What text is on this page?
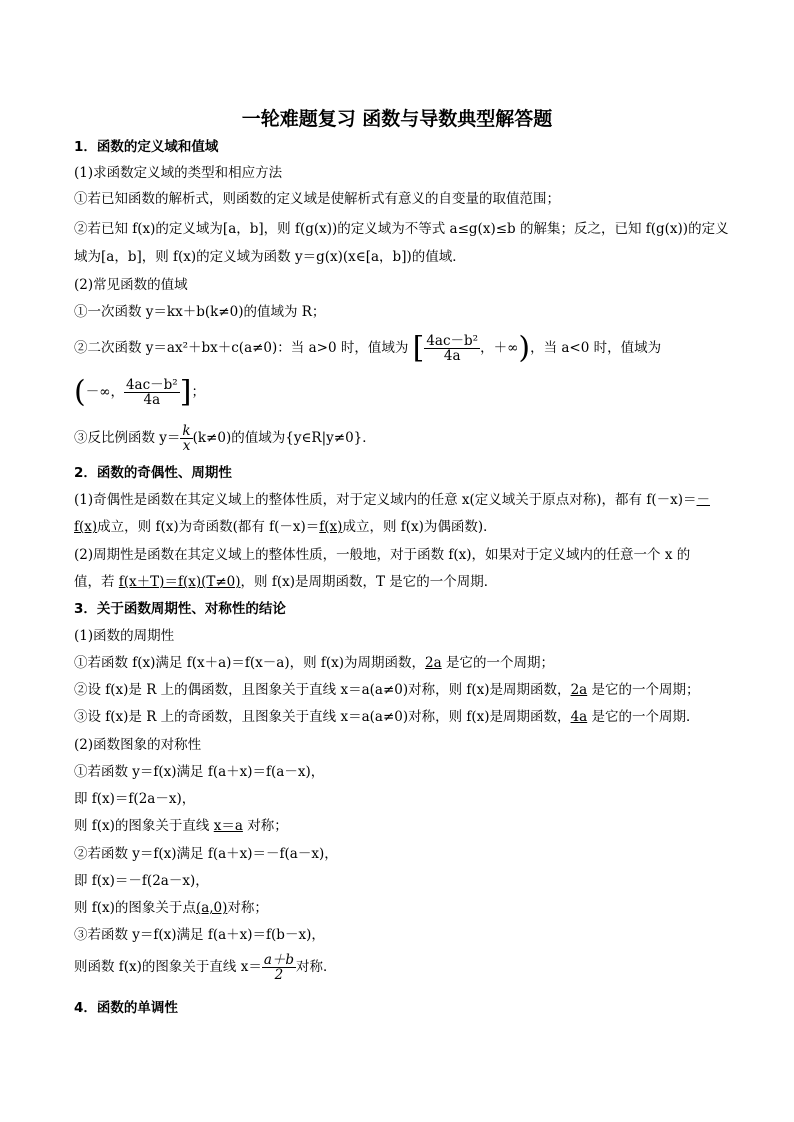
一轮难题复习 函数与导数典型解答题
1．函数的定义域和值域
(1)求函数定义域的类型和相应方法
①若已知函数的解析式，则函数的定义域是使解析式有意义的自变量的取值范围；
②若已知 f(x)的定义域为[a，b]，则 f(g(x))的定义域为不等式 a≤g(x)≤b 的解集；反之，已知 f(g(x))的定义
域为[a，b]，则 f(x)的定义域为函数 y＝g(x)(x∈[a，b])的值域．
(2)常见函数的值域
①一次函数 y＝kx＋b(k≠0)的值域为 R；
②二次函数 y＝ax²＋bx＋c(a≠0)：当 a>0 时，值域为 [ $\frac{\text{4ac－b²}}{4a}$ ，＋∞)，当 a<0 时，值域为
(－∞， $\frac{\text{4ac－b²}}{4a}$ ]；
③反比例函数 $y= \frac{k}{x} (k\ne 0)$的值域为{y∈R|y≠0}．
2．函数的奇偶性、周期性
(1)奇偶性是函数在其定义域上的整体性质，对于定义域内的任意 x(定义域关于原点对称)，都有 f(－x)＝－
f(x)成立，则 f(x)为奇函数(都有 f(－x)＝f(x)成立，则 f(x)为偶函数)．
(2)周期性是函数在其定义域上的整体性质，一般地，对于函数 f(x)，如果对于定义域内的任意一个 x 的
值，若 f(x＋T)＝f(x)(T≠0)，则 f(x)是周期函数，T 是它的一个周期．
3．关于函数周期性、对称性的结论
(1)函数的周期性
①若函数 f(x)满足 f(x＋a)＝f(x－a)，则 f(x)为周期函数，2a 是它的一个周期；
②设 f(x)是 R 上的偶函数，且图象关于直线 x＝a(a≠0)对称，则 f(x)是周期函数，2a 是它的一个周期；
③设 f(x)是 R 上的奇函数，且图象关于直线 x＝a(a≠0)对称，则 f(x)是周期函数，4a 是它的一个周期．
(2)函数图象的对称性
①若函数 y＝f(x)满足 f(a＋x)＝f(a－x)，
即 f(x)＝f(2a－x)，
则 f(x)的图象关于直线 x＝a 对称；
②若函数 y＝f(x)满足 f(a＋x)＝－f(a－x)，
即 f(x)＝－f(2a－x)，
则 f(x)的图象关于点(a,0)对称；
③若函数 y＝f(x)满足 f(a＋x)＝f(b－x)，
则函数 f(x)的图象关于直线 $x= \frac{a+b}{2}$ 对称．
4．函数的单调性
